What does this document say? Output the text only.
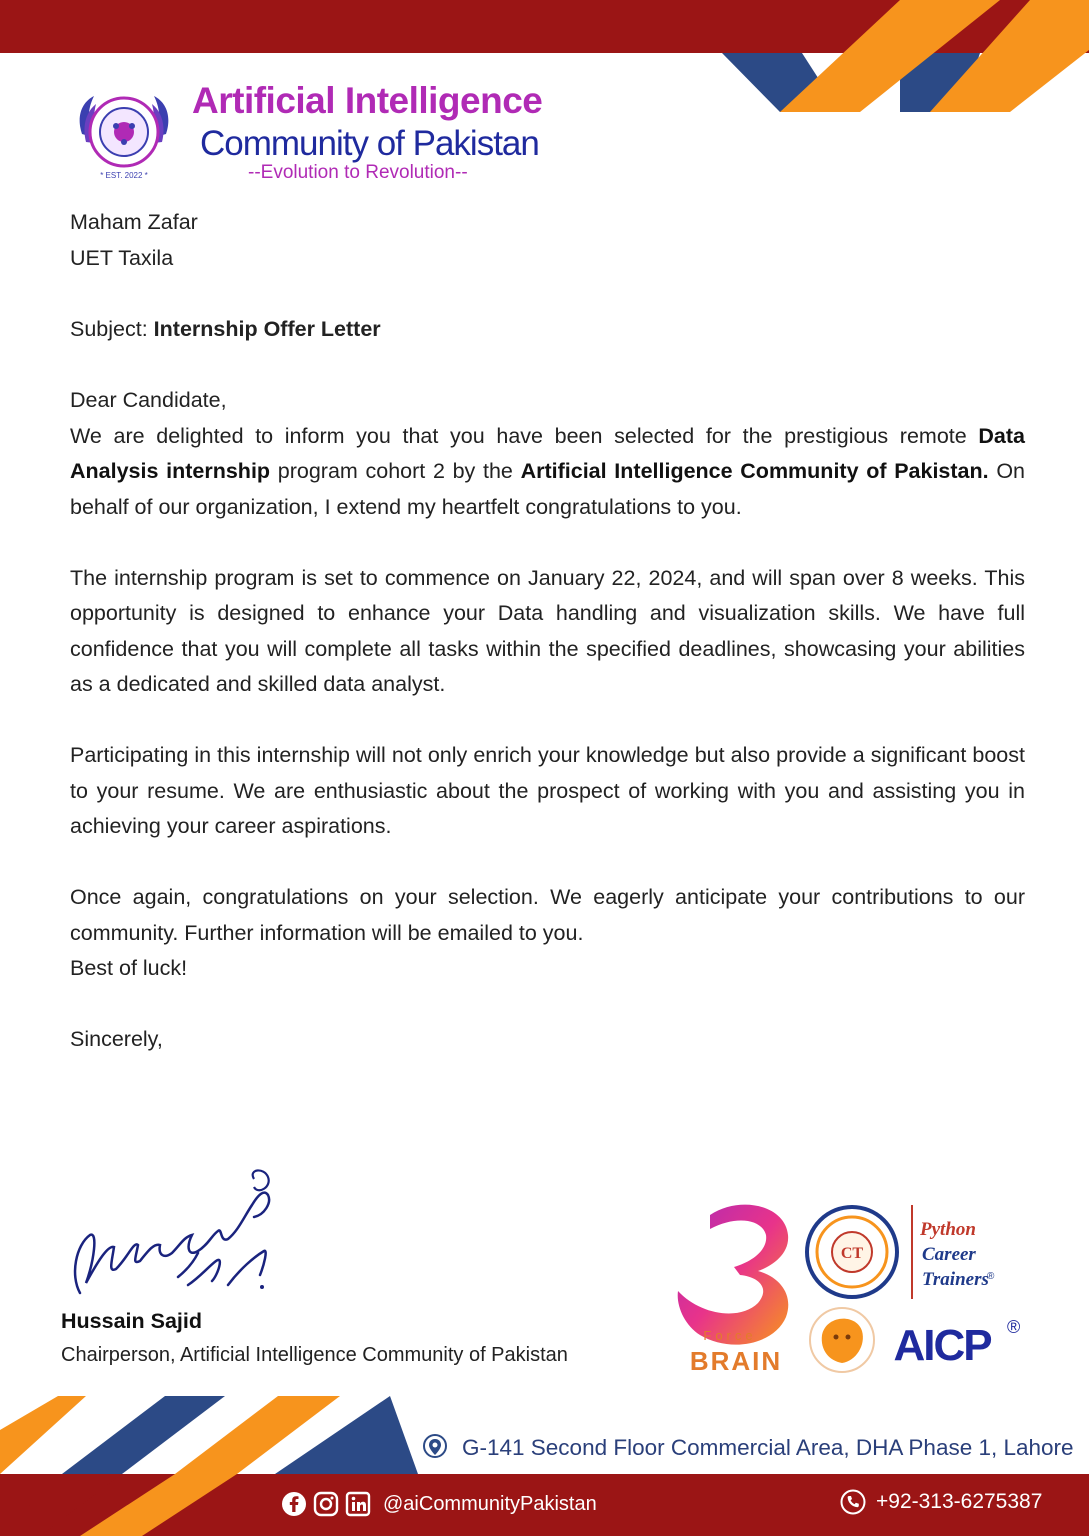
* EST. 2022 *
Artificial Intelligence
Community of Pakistan
--Evolution to Revolution--
Maham Zafar
UET Taxila
Subject: Internship Offer Letter

Dear Candidate,

We are delighted to inform you that you have been selected for the prestigious remote Data Analysis internship program cohort 2 by the Artificial Intelligence Community of Pakistan. On behalf of our organization, I extend my heartfelt congratulations to you.

The internship program is set to commence on January 22, 2024, and will span over 8 weeks. This opportunity is designed to enhance your Data handling and visualization skills. We have full confidence that you will complete all tasks within the specified deadlines, showcasing your abilities as a dedicated and skilled data analyst.

Participating in this internship will not only enrich your knowledge but also provide a significant boost to your resume. We are enthusiastic about the prospect of working with you and assisting you in achieving your career aspirations.

Once again, congratulations on your selection. We eagerly anticipate your contributions to our community. Further information will be emailed to you.

Best of luck!

Sincerely,

Hussain Sajid
Chairperson, Artificial Intelligence Community of Pakistan
Force
BRAIN
CT
Python
Career
Trainers
®
AICP ®
G-141 Second Floor Commercial Area, DHA Phase 1, Lahore
@aiCommunityPakistan	+92-313-6275387
